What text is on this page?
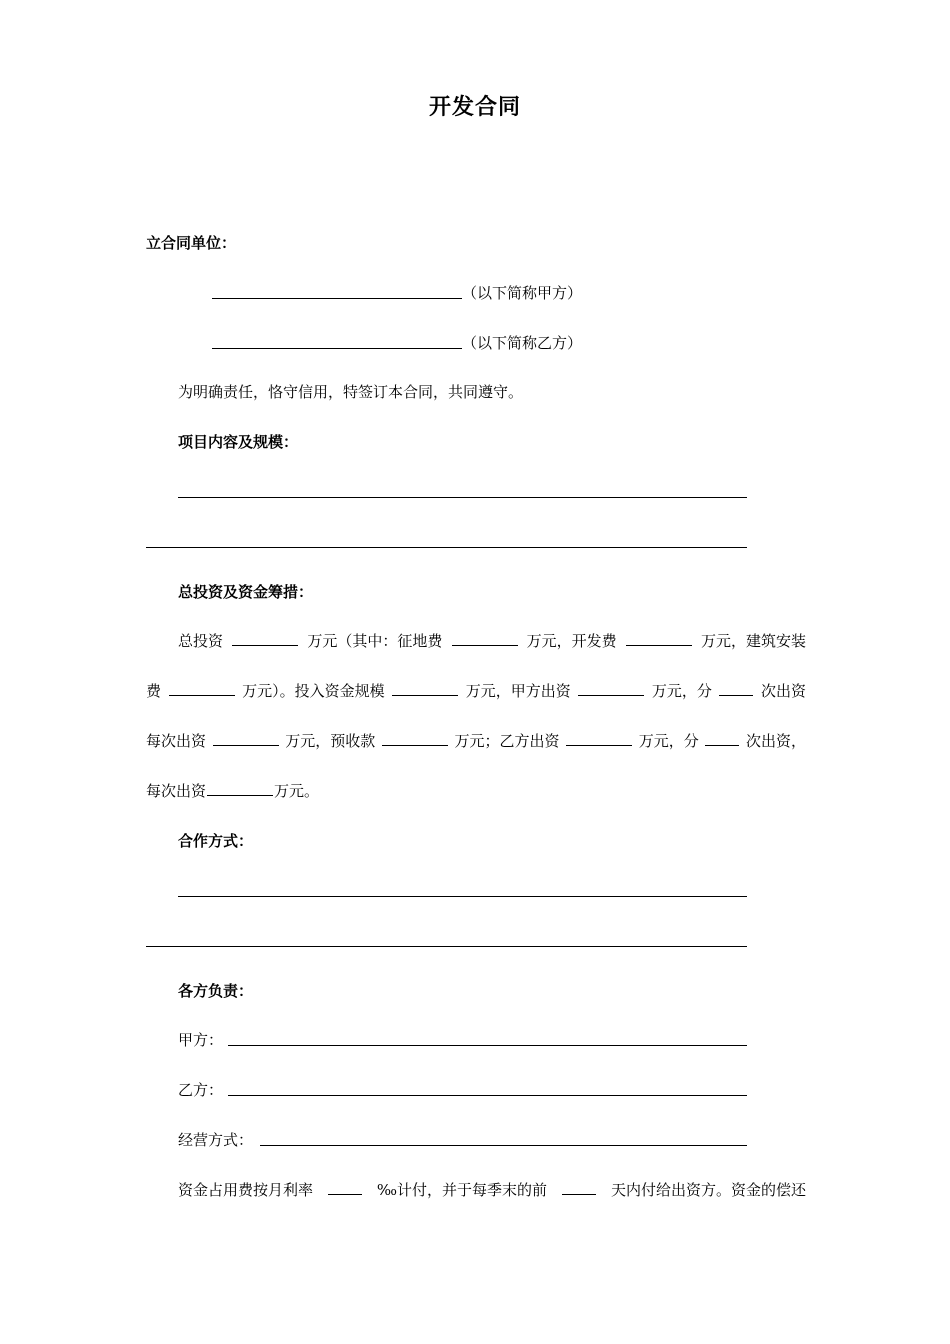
开发合同
立合同单位：
（以下简称甲方）
（以下简称乙方）
为明确责任，恪守信用，特签订本合同，共同遵守。
项目内容及规模：
总投资及资金筹措：
总投资	万元（其中：征地费	万元，开发费	万元，建筑安装
费	万元）。投入资金规模	万元，甲方出资	万元，分	次出资
每次出资	万元，预收款	万元；乙方出资	万元，分	次出资，
每次出资	万元。
合作方式：
各方负责：
甲方：
乙方：
经营方式：
资金占用费按月利率	‰计付，并于每季末的前	天内付给出资方。资金的偿还
